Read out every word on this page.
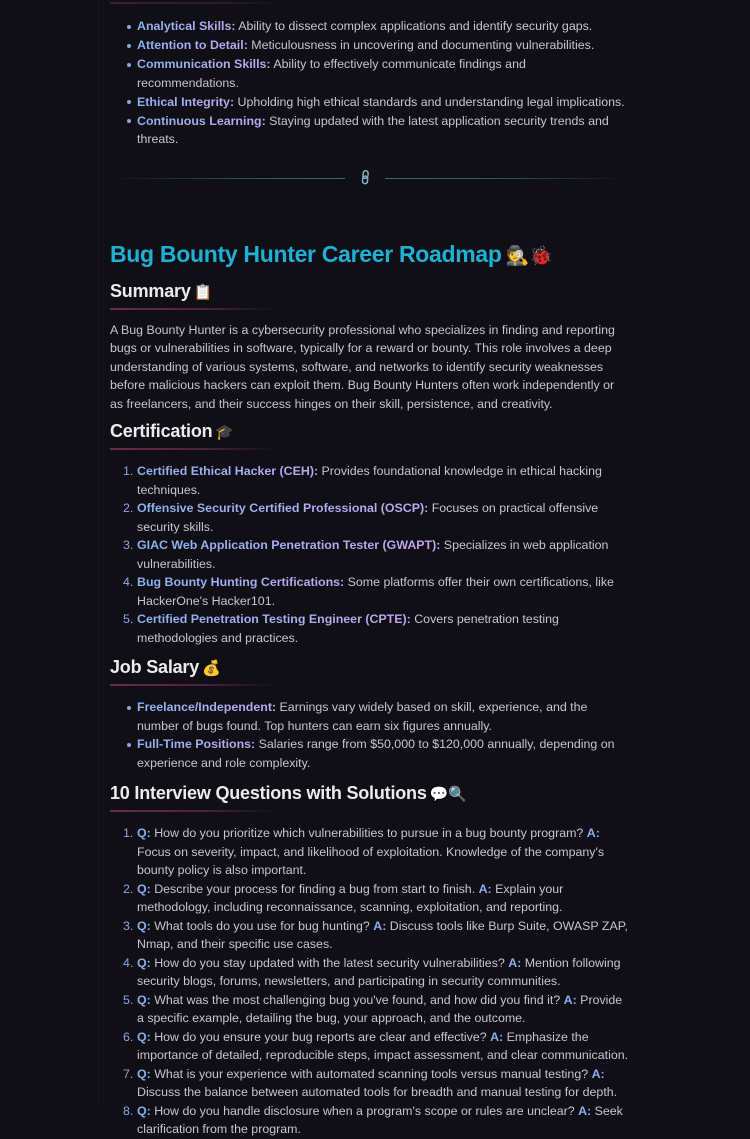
Analytical Skills: Ability to dissect complex applications and identify security gaps.
Attention to Detail: Meticulousness in uncovering and documenting vulnerabilities.
Communication Skills: Ability to effectively communicate findings and recommendations.
Ethical Integrity: Upholding high ethical standards and understanding legal implications.
Continuous Learning: Staying updated with the latest application security trends and threats.
🔗
Bug Bounty Hunter Career Roadmap 🕵️🐞
Summary 📋

A Bug Bounty Hunter is a cybersecurity professional who specializes in finding and reporting bugs or vulnerabilities in software, typically for a reward or bounty. This role involves a deep understanding of various systems, software, and networks to identify security weaknesses before malicious hackers can exploit them. Bug Bounty Hunters often work independently or as freelancers, and their success hinges on their skill, persistence, and creativity.

Certification 🎓
1. Certified Ethical Hacker (CEH): Provides foundational knowledge in ethical hacking techniques.
2. Offensive Security Certified Professional (OSCP): Focuses on practical offensive security skills.
3. GIAC Web Application Penetration Tester (GWAPT): Specializes in web application vulnerabilities.
4. Bug Bounty Hunting Certifications: Some platforms offer their own certifications, like HackerOne's Hacker101.
5. Certified Penetration Testing Engineer (CPTE): Covers penetration testing methodologies and practices.
Job Salary 💰
Freelance/Independent: Earnings vary widely based on skill, experience, and the number of bugs found. Top hunters can earn six figures annually.
Full-Time Positions: Salaries range from $50,000 to $120,000 annually, depending on experience and role complexity.
10 Interview Questions with Solutions 💬🔍
1. Q: How do you prioritize which vulnerabilities to pursue in a bug bounty program? A: Focus on severity, impact, and likelihood of exploitation. Knowledge of the company's bounty policy is also important.
2. Q: Describe your process for finding a bug from start to finish. A: Explain your methodology, including reconnaissance, scanning, exploitation, and reporting.
3. Q: What tools do you use for bug hunting? A: Discuss tools like Burp Suite, OWASP ZAP, Nmap, and their specific use cases.
4. Q: How do you stay updated with the latest security vulnerabilities? A: Mention following security blogs, forums, newsletters, and participating in security communities.
5. Q: What was the most challenging bug you've found, and how did you find it? A: Provide a specific example, detailing the bug, your approach, and the outcome.
6. Q: How do you ensure your bug reports are clear and effective? A: Emphasize the importance of detailed, reproducible steps, impact assessment, and clear communication.
7. Q: What is your experience with automated scanning tools versus manual testing? A: Discuss the balance between automated tools for breadth and manual testing for depth.
8. Q: How do you handle disclosure when a program's scope or rules are unclear? A: Seek clarification from the program.
